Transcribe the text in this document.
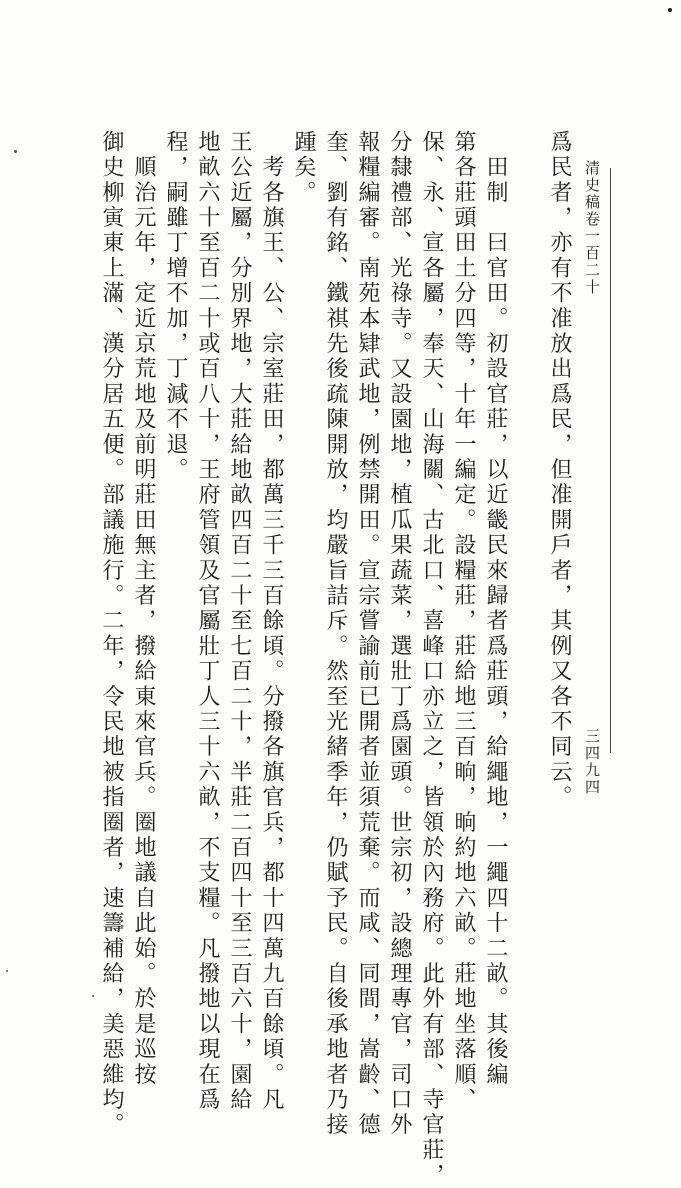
清史稿卷一百二十
三四九四
爲民者，亦有不准放出爲民，但准開戶者，其例又各不同云。
　田制　曰官田。初設官莊，以近畿民來歸者爲莊頭，給繩地，一繩四十二畝。其後編
第各莊頭田土分四等，十年一編定。設糧莊，莊給地三百晌，晌約地六畝。莊地坐落順、
保、永、宣各屬，奉天、山海關、古北口、喜峰口亦立之，皆領於內務府。此外有部、寺官莊，
分隸禮部、光祿寺。又設園地，植瓜果蔬菜，選壯丁爲園頭。世宗初，設總理專官，司口外
報糧編審。南苑本肄武地，例禁開田。宣宗嘗諭前已開者並須荒棄。而咸、同間，嵩齡、德
奎、劉有銘、鐵祺先後疏陳開放，均嚴旨詰斥。然至光緒季年，仍賦予民。自後承地者乃接
踵矣。
　考各旗王、公、宗室莊田，都萬三千三百餘頃。分撥各旗官兵，都十四萬九百餘頃。凡
王公近屬，分別界地，大莊給地畝四百二十至七百二十，半莊二百四十至三百六十，園給
地畝六十至百二十或百八十，王府管領及官屬壯丁人三十六畝，不支糧。凡撥地以現在爲
程，嗣雖丁增不加，丁減不退。
　順治元年，定近京荒地及前明莊田無主者，撥給東來官兵。圈地議自此始。於是巡按
御史柳寅東上滿、漢分居五便。部議施行。二年，令民地被指圈者，速籌補給，美惡維均。
